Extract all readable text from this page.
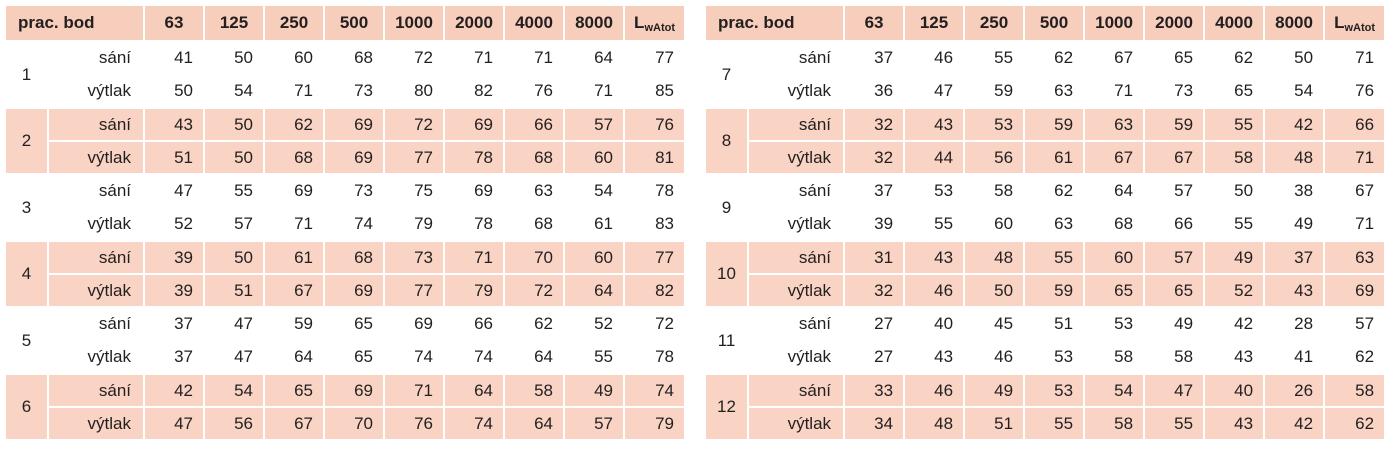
prac. bod		63	125	250	500	1000	2000	4000	8000	LwAtot
1	sání	41	50	60	68	72	71	71	64	77
	výtlak	50	54	71	73	80	82	76	71	85
2	sání	43	50	62	69	72	69	66	57	76
	výtlak	51	50	68	69	77	78	68	60	81
3	sání	47	55	69	73	75	69	63	54	78
	výtlak	52	57	71	74	79	78	68	61	83
4	sání	39	50	61	68	73	71	70	60	77
	výtlak	39	51	67	69	77	79	72	64	82
5	sání	37	47	59	65	69	66	62	52	72
	výtlak	37	47	64	65	74	74	64	55	78
6	sání	42	54	65	69	71	64	58	49	74
	výtlak	47	56	67	70	76	74	64	57	79
prac. bod		63	125	250	500	1000	2000	4000	8000	LwAtot
7	sání	37	46	55	62	67	65	62	50	71
	výtlak	36	47	59	63	71	73	65	54	76
8	sání	32	43	53	59	63	59	55	42	66
	výtlak	32	44	56	61	67	67	58	48	71
9	sání	37	53	58	62	64	57	50	38	67
	výtlak	39	55	60	63	68	66	55	49	71
10	sání	31	43	48	55	60	57	49	37	63
	výtlak	32	46	50	59	65	65	52	43	69
11	sání	27	40	45	51	53	49	42	28	57
	výtlak	27	43	46	53	58	58	43	41	62
12	sání	33	46	49	53	54	47	40	26	58
	výtlak	34	48	51	55	58	55	43	42	62
